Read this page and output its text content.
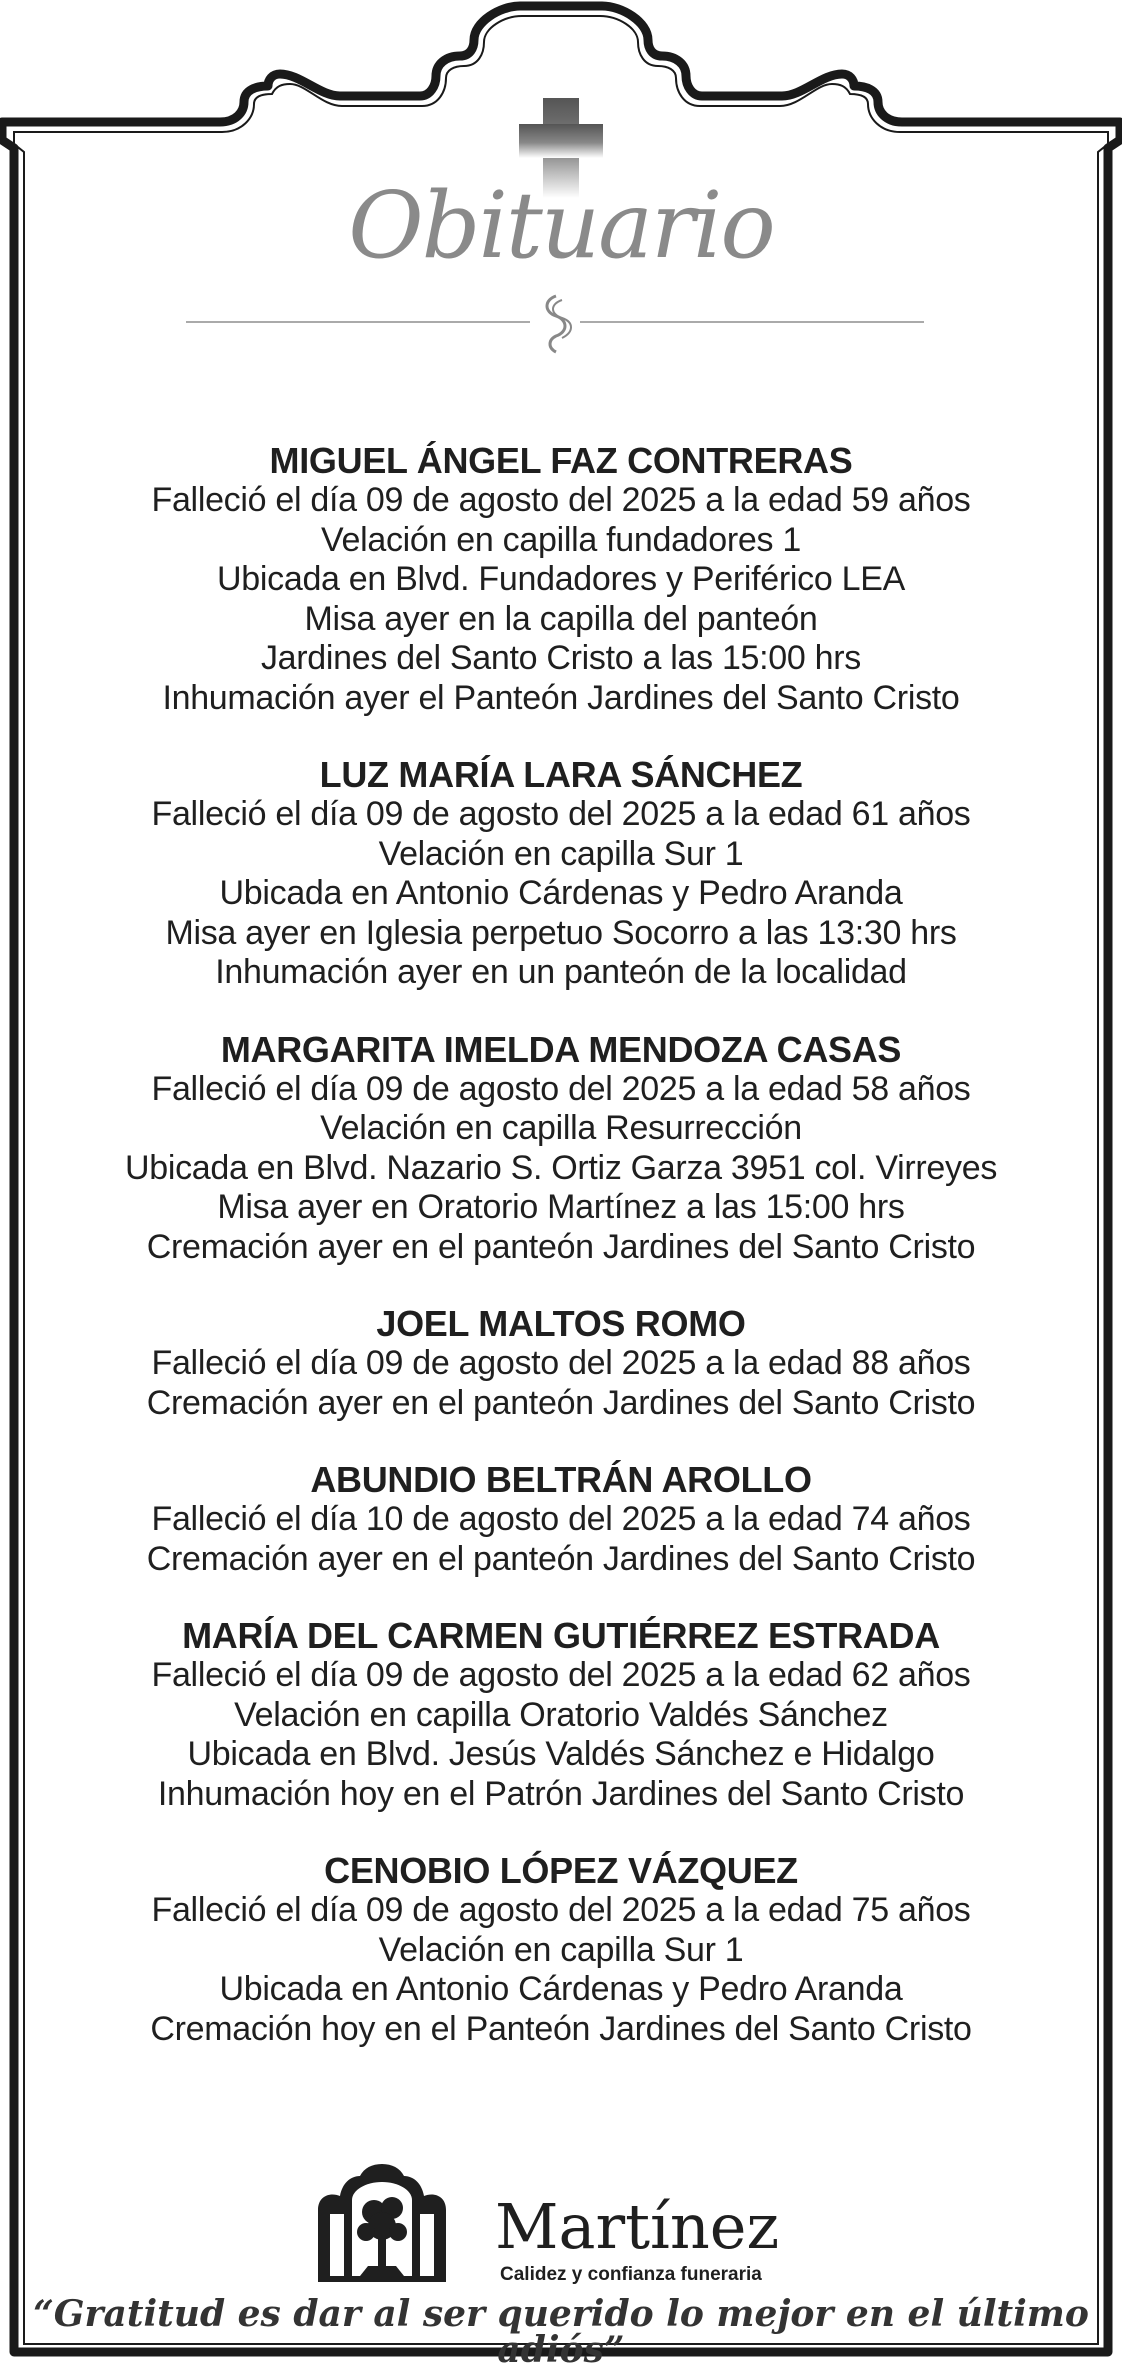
Obituario
MIGUEL ÁNGEL FAZ CONTRERAS
Falleció el día 09 de agosto del 2025 a la edad 59 años
Velación en capilla fundadores 1
Ubicada en Blvd. Fundadores y Periférico LEA
Misa ayer en la capilla del panteón
Jardines del Santo Cristo a las 15:00 hrs
Inhumación ayer el Panteón Jardines del Santo Cristo
LUZ MARÍA LARA SÁNCHEZ
Falleció el día 09 de agosto del 2025 a la edad 61 años
Velación en capilla Sur 1
Ubicada en Antonio Cárdenas y Pedro Aranda
Misa ayer en Iglesia perpetuo Socorro a las 13:30 hrs
Inhumación ayer en un panteón de la localidad
MARGARITA IMELDA MENDOZA CASAS
Falleció el día 09 de agosto del 2025 a la edad 58 años
Velación en capilla Resurrección
Ubicada en Blvd. Nazario S. Ortiz Garza 3951 col. Virreyes
Misa ayer en Oratorio Martínez a las 15:00 hrs
Cremación ayer en el panteón Jardines del Santo Cristo
JOEL MALTOS ROMO
Falleció el día 09 de agosto del 2025 a la edad 88 años
Cremación ayer en el panteón Jardines del Santo Cristo
ABUNDIO BELTRÁN AROLLO
Falleció el día 10 de agosto del 2025 a la edad 74 años
Cremación ayer en el panteón Jardines del Santo Cristo
MARÍA DEL CARMEN GUTIÉRREZ ESTRADA
Falleció el día 09 de agosto del 2025 a la edad 62 años
Velación en capilla Oratorio Valdés Sánchez
Ubicada en Blvd. Jesús Valdés Sánchez e Hidalgo
Inhumación hoy en el Patrón Jardines del Santo Cristo
CENOBIO LÓPEZ VÁZQUEZ
Falleció el día 09 de agosto del 2025 a la edad 75 años
Velación en capilla Sur 1
Ubicada en Antonio Cárdenas y Pedro Aranda
Cremación hoy en el Panteón Jardines del Santo Cristo
Martínez
Calidez y confianza funeraria
“Gratitud es dar al ser querido lo mejor en el último adiós”
